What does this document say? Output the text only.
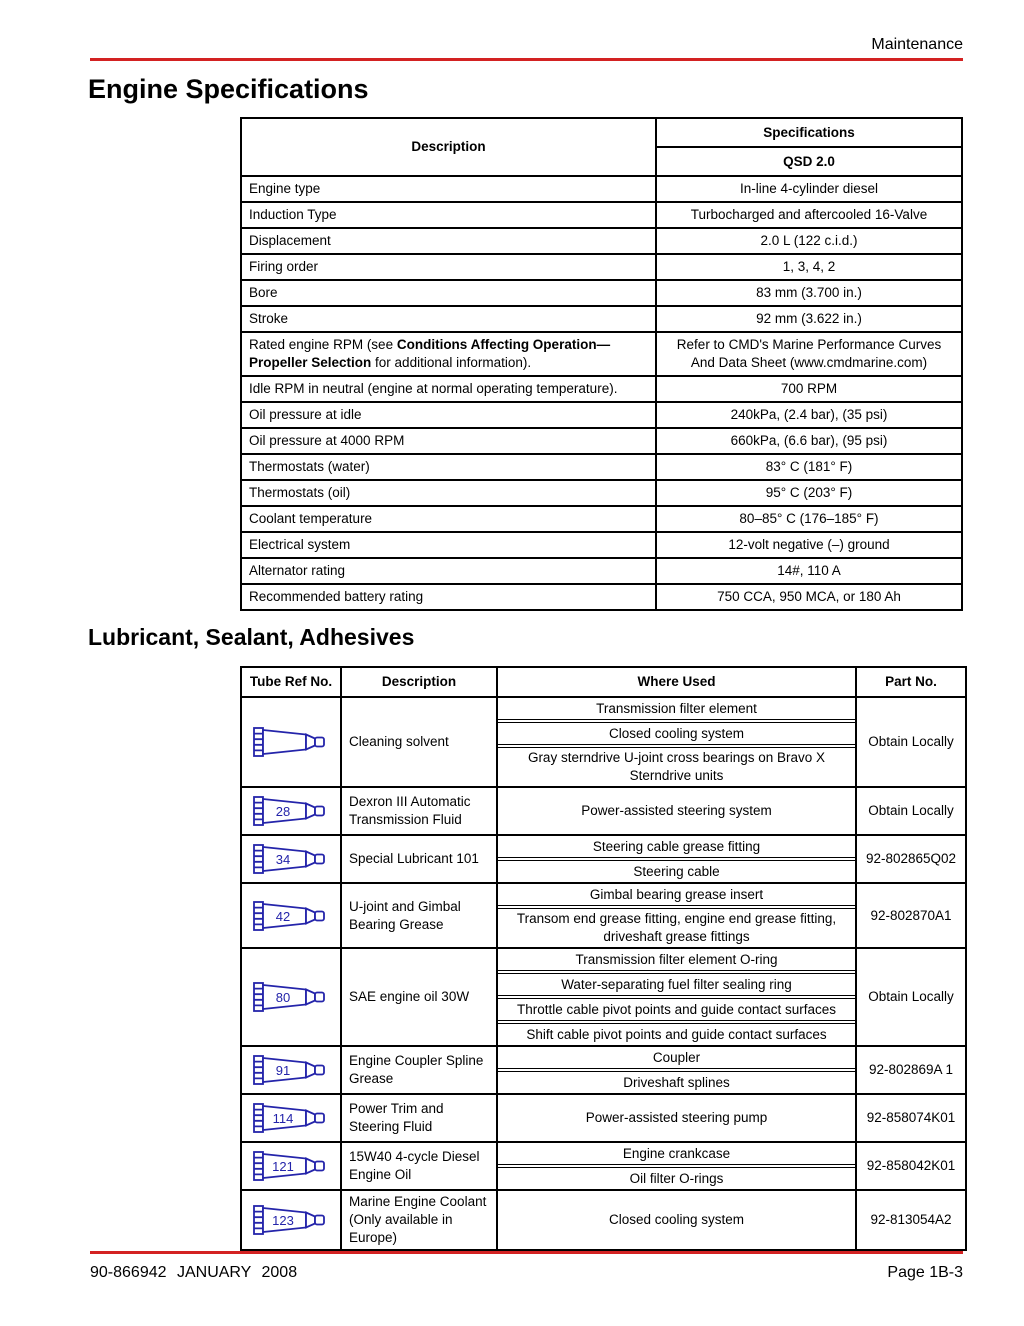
Maintenance
Engine Specifications
Description	Specifications
	QSD 2.0
Engine type	In-line 4-cylinder diesel
Induction Type	Turbocharged and aftercooled 16-Valve
Displacement	2.0 L (122 c.i.d.)
Firing order	1, 3, 4, 2
Bore	83 mm (3.700 in.)
Stroke	92 mm (3.622 in.)
Rated engine RPM (see Conditions Affecting Operation—Propeller Selection for additional information).	Refer to CMD's Marine Performance Curves And Data Sheet (www.cmdmarine.com)
Idle RPM in neutral (engine at normal operating temperature).	700 RPM
Oil pressure at idle	240kPa, (2.4 bar), (35 psi)
Oil pressure at 4000 RPM	660kPa, (6.6 bar), (95 psi)
Thermostats (water)	83° C (181° F)
Thermostats (oil)	95° C (203° F)
Coolant temperature	80–85° C (176–185° F)
Electrical system	12-volt negative (–) ground
Alternator rating	14#, 110 A
Recommended battery rating	750 CCA, 950 MCA, or 180 Ah
Lubricant, Sealant, Adhesives
Tube Ref No.	Description	Where Used	Part No.

	Cleaning solvent	Transmission filter element
Closed cooling system
Gray sterndrive U-joint cross bearings on Bravo X Sterndrive units	Obtain Locally

28	Dexron III Automatic Transmission Fluid	Power-assisted steering system	Obtain Locally

34	Special Lubricant 101	Steering cable grease fitting
Steering cable	92-802865Q02

42	U-joint and Gimbal Bearing Grease	Gimbal bearing grease insert
Transom end grease fitting, engine end grease fitting, driveshaft grease fittings	92-802870A1

80	SAE engine oil 30W	Transmission filter element O-ring
Water-separating fuel filter sealing ring
Throttle cable pivot points and guide contact surfaces
Shift cable pivot points and guide contact surfaces	Obtain Locally

91	Engine Coupler Spline Grease	Coupler
Driveshaft splines	92-802869A 1

114	Power Trim and Steering Fluid	Power-assisted steering pump	92-858074K01

121	15W40 4-cycle Diesel Engine Oil	Engine crankcase
Oil filter O-rings	92-858042K01

123	Marine Engine Coolant (Only available in Europe)	Closed cooling system	92-813054A2
90-866942 JANUARY 2008	Page 1B-3
